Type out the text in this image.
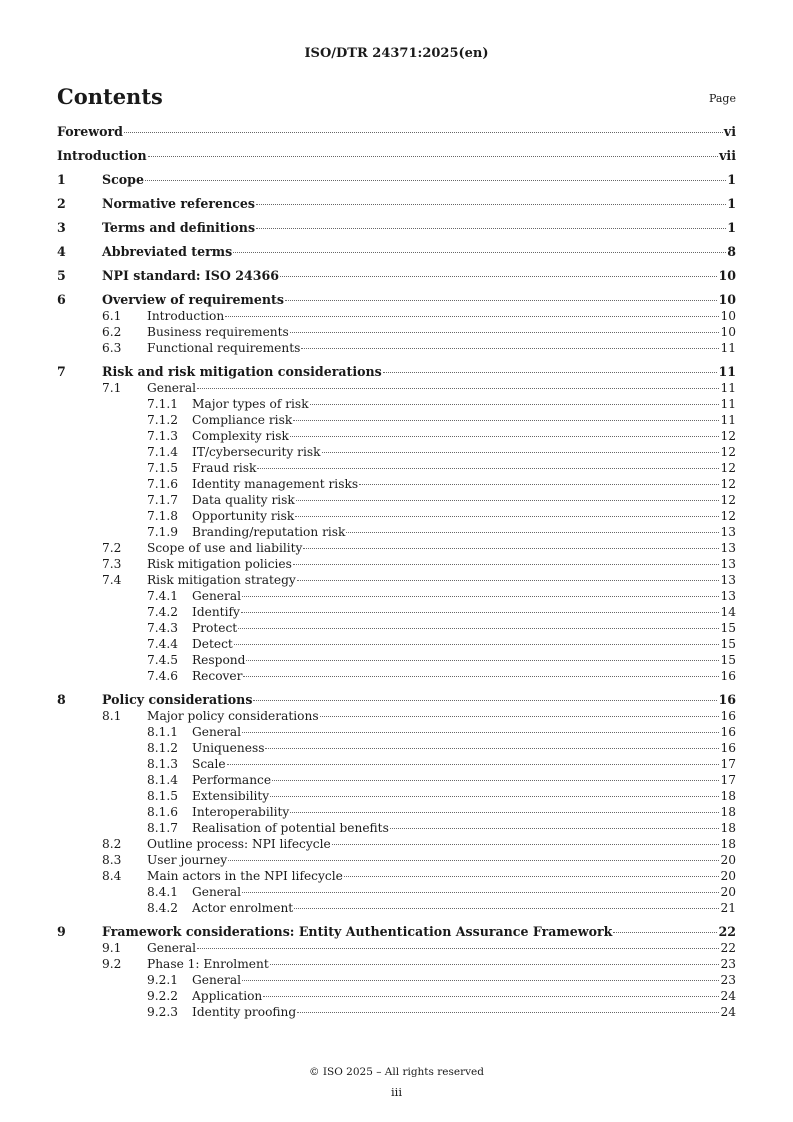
ISO/DTR 24371:2025(en)
Contents	Page
Foreword	vi
Introduction	vii
1	Scope	1
2	Normative references	1
3	Terms and definitions	1
4	Abbreviated terms	8
5	NPI standard: ISO 24366	10
6	Overview of requirements	10
6.1 Introduction	10
6.2 Business requirements	10
6.3 Functional requirements	11
7	Risk and risk mitigation considerations	11
7.1 General	11
7.1.1 Major types of risk	11
7.1.2 Compliance risk	11
7.1.3 Complexity risk	12
7.1.4 IT/cybersecurity risk	12
7.1.5 Fraud risk	12
7.1.6 Identity management risks	12
7.1.7 Data quality risk	12
7.1.8 Opportunity risk	12
7.1.9 Branding/reputation risk	13
7.2 Scope of use and liability	13
7.3 Risk mitigation policies	13
7.4 Risk mitigation strategy	13
7.4.1 General	13
7.4.2 Identify	14
7.4.3 Protect	15
7.4.4 Detect	15
7.4.5 Respond	15
7.4.6 Recover	16
8	Policy considerations	16
8.1 Major policy considerations	16
8.1.1 General	16
8.1.2 Uniqueness	16
8.1.3 Scale	17
8.1.4 Performance	17
8.1.5 Extensibility	18
8.1.6 Interoperability	18
8.1.7 Realisation of potential benefits	18
8.2 Outline process: NPI lifecycle	18
8.3 User journey	20
8.4 Main actors in the NPI lifecycle	20
8.4.1 General	20
8.4.2 Actor enrolment	21
9	Framework considerations: Entity Authentication Assurance Framework	22
9.1 General	22
9.2 Phase 1: Enrolment	23
9.2.1 General	23
9.2.2 Application	24
9.2.3 Identity proofing	24
© ISO 2025 – All rights reserved
iii
